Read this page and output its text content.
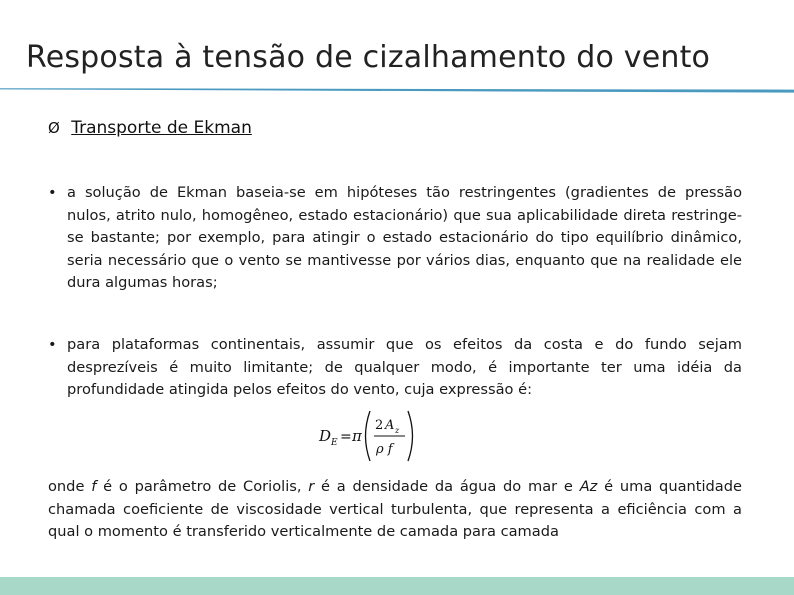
Resposta à tensão de cizalhamento do vento
Ø Transporte de Ekman
• a solução de Ekman baseia-se em hipóteses tão restringentes (gradientes de pressão nulos, atrito nulo, homogêneo, estado estacionário) que sua aplicabilidade direta restringe-se bastante; por exemplo, para atingir o estado estacionário do tipo equilíbrio dinâmico, seria necessário que o vento se mantivesse por vários dias, enquanto que na realidade ele dura algumas horas;
• para plataformas continentais, assumir que os efeitos da costa e do fundo sejam desprezíveis é muito limitante; de qualquer modo, é importante ter uma idéia da profundidade atingida pelos efeitos do vento, cuja expressão é:
D E = π
2 A z
ρ f
onde f é o parâmetro de Coriolis, r é a densidade da água do mar e Az é uma quantidade chamada coeficiente de viscosidade vertical turbulenta, que representa a eficiência com a qual o momento é transferido verticalmente de camada para camada
